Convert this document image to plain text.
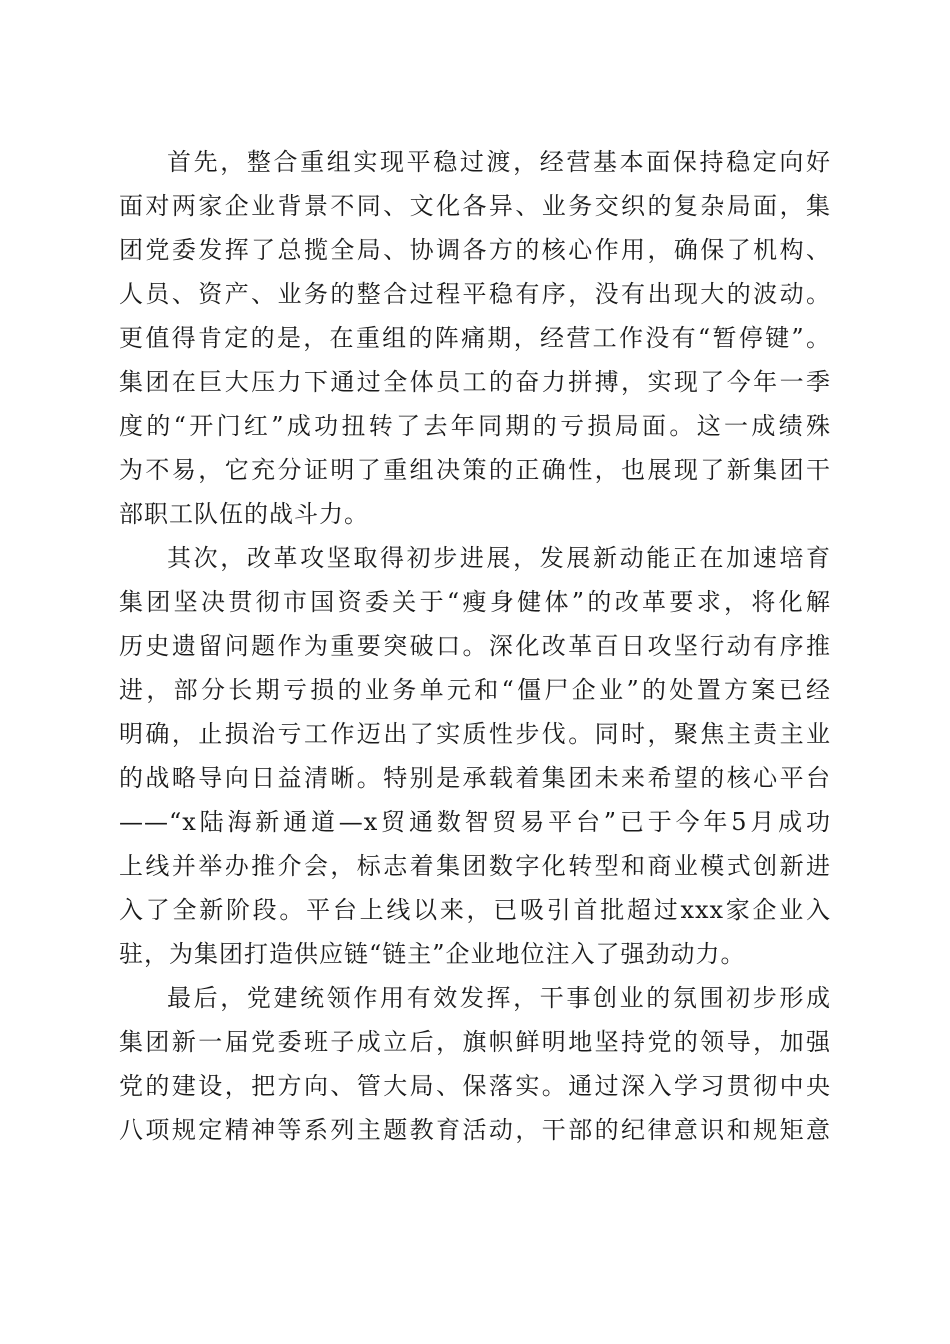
首先，整合重组实现平稳过渡，经营基本面保持稳定向好
面对两家企业背景不同、文化各异、业务交织的复杂局面，集
团党委发挥了总揽全局、协调各方的核心作用，确保了机构、
人员、资产、业务的整合过程平稳有序，没有出现大的波动。
更值得肯定的是，在重组的阵痛期，经营工作没有“暂停键”。
集团在巨大压力下通过全体员工的奋力拼搏，实现了今年一季
度的“开门红”成功扭转了去年同期的亏损局面。这一成绩殊
为不易，它充分证明了重组决策的正确性，也展现了新集团干
部职工队伍的战斗力。
其次，改革攻坚取得初步进展，发展新动能正在加速培育
集团坚决贯彻市国资委关于“瘦身健体”的改革要求，将化解
历史遗留问题作为重要突破口。深化改革百日攻坚行动有序推
进，部分长期亏损的业务单元和“僵尸企业”的处置方案已经
明确，止损治亏工作迈出了实质性步伐。同时，聚焦主责主业
的战略导向日益清晰。特别是承载着集团未来希望的核心平台
——“x陆海新通道—x贸通数智贸易平台”已于今年5月成功
上线并举办推介会，标志着集团数字化转型和商业模式创新进
入了全新阶段。平台上线以来，已吸引首批超过xxx家企业入
驻，为集团打造供应链“链主”企业地位注入了强劲动力。
最后，党建统领作用有效发挥，干事创业的氛围初步形成
集团新一届党委班子成立后，旗帜鲜明地坚持党的领导，加强
党的建设，把方向、管大局、保落实。通过深入学习贯彻中央
八项规定精神等系列主题教育活动，干部的纪律意识和规矩意
